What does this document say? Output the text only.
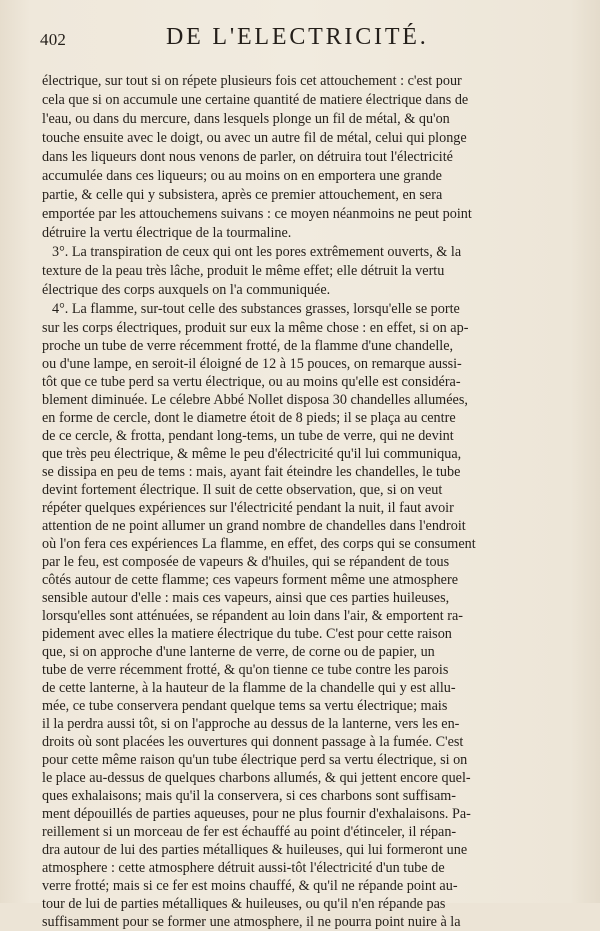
402	DE L'ELECTRICITÉ.
électrique, sur tout si on répete plusieurs fois cet attouchement : c'est pour
cela que si on accumule une certaine quantité de matiere électrique dans de
l'eau, ou dans du mercure, dans lesquels plonge un fil de métal, & qu'on
touche ensuite avec le doigt, ou avec un autre fil de métal, celui qui plonge
dans les liqueurs dont nous venons de parler, on détruira tout l'électricité
accumulée dans ces liqueurs; ou au moins on en emportera une grande
partie, & celle qui y subsistera, après ce premier attouchement, en sera
emportée par les attouchemens suivans : ce moyen néanmoins ne peut point
détruire la vertu électrique de la tourmaline.
3°. La transpiration de ceux qui ont les pores extrêmement ouverts, & la
texture de la peau très lâche, produit le même effet; elle détruit la vertu
électrique des corps auxquels on l'a communiquée.
4°. La flamme, sur-tout celle des substances grasses, lorsqu'elle se porte
sur les corps électriques, produit sur eux la même chose : en effet, si on ap-
proche un tube de verre récemment frotté, de la flamme d'une chandelle,
ou d'une lampe, en seroit-il éloigné de 12 à 15 pouces, on remarque aussi-
tôt que ce tube perd sa vertu électrique, ou au moins qu'elle est considéra-
blement diminuée. Le célebre Abbé Nollet disposa 30 chandelles allumées,
en forme de cercle, dont le diametre étoit de 8 pieds; il se plaça au centre
de ce cercle, & frotta, pendant long-tems, un tube de verre, qui ne devint
que très peu électrique, & même le peu d'électricité qu'il lui communiqua,
se dissipa en peu de tems : mais, ayant fait éteindre les chandelles, le tube
devint fortement électrique. Il suit de cette observation, que, si on veut
répéter quelques expériences sur l'électricité pendant la nuit, il faut avoir
attention de ne point allumer un grand nombre de chandelles dans l'endroit
où l'on fera ces expériences La flamme, en effet, des corps qui se consument
par le feu, est composée de vapeurs & d'huiles, qui se répandent de tous
côtés autour de cette flamme; ces vapeurs forment même une atmosphere
sensible autour d'elle : mais ces vapeurs, ainsi que ces parties huileuses,
lorsqu'elles sont atténuées, se répandent au loin dans l'air, & emportent ra-
pidement avec elles la matiere électrique du tube. C'est pour cette raison
que, si on approche d'une lanterne de verre, de corne ou de papier, un
tube de verre récemment frotté, & qu'on tienne ce tube contre les parois
de cette lanterne, à la hauteur de la flamme de la chandelle qui y est allu-
mée, ce tube conservera pendant quelque tems sa vertu électrique; mais
il la perdra aussi tôt, si on l'approche au dessus de la lanterne, vers les en-
droits où sont placées les ouvertures qui donnent passage à la fumée. C'est
pour cette même raison qu'un tube électrique perd sa vertu électrique, si on
le place au-dessus de quelques charbons allumés, & qui jettent encore quel-
ques exhalaisons; mais qu'il la conservera, si ces charbons sont suffisam-
ment dépouillés de parties aqueuses, pour ne plus fournir d'exhalaisons. Pa-
reillement si un morceau de fer est échauffé au point d'étinceler, il répan-
dra autour de lui des parties métalliques & huileuses, qui lui formeront une
atmosphere : cette atmosphere détruit aussi-tôt l'électricité d'un tube de
verre frotté; mais si ce fer est moins chauffé, & qu'il ne répande point au-
tour de lui de parties métalliques & huileuses, ou qu'il n'en répande pas
suffisamment pour se former une atmosphere, il ne pourra point nuire à la
